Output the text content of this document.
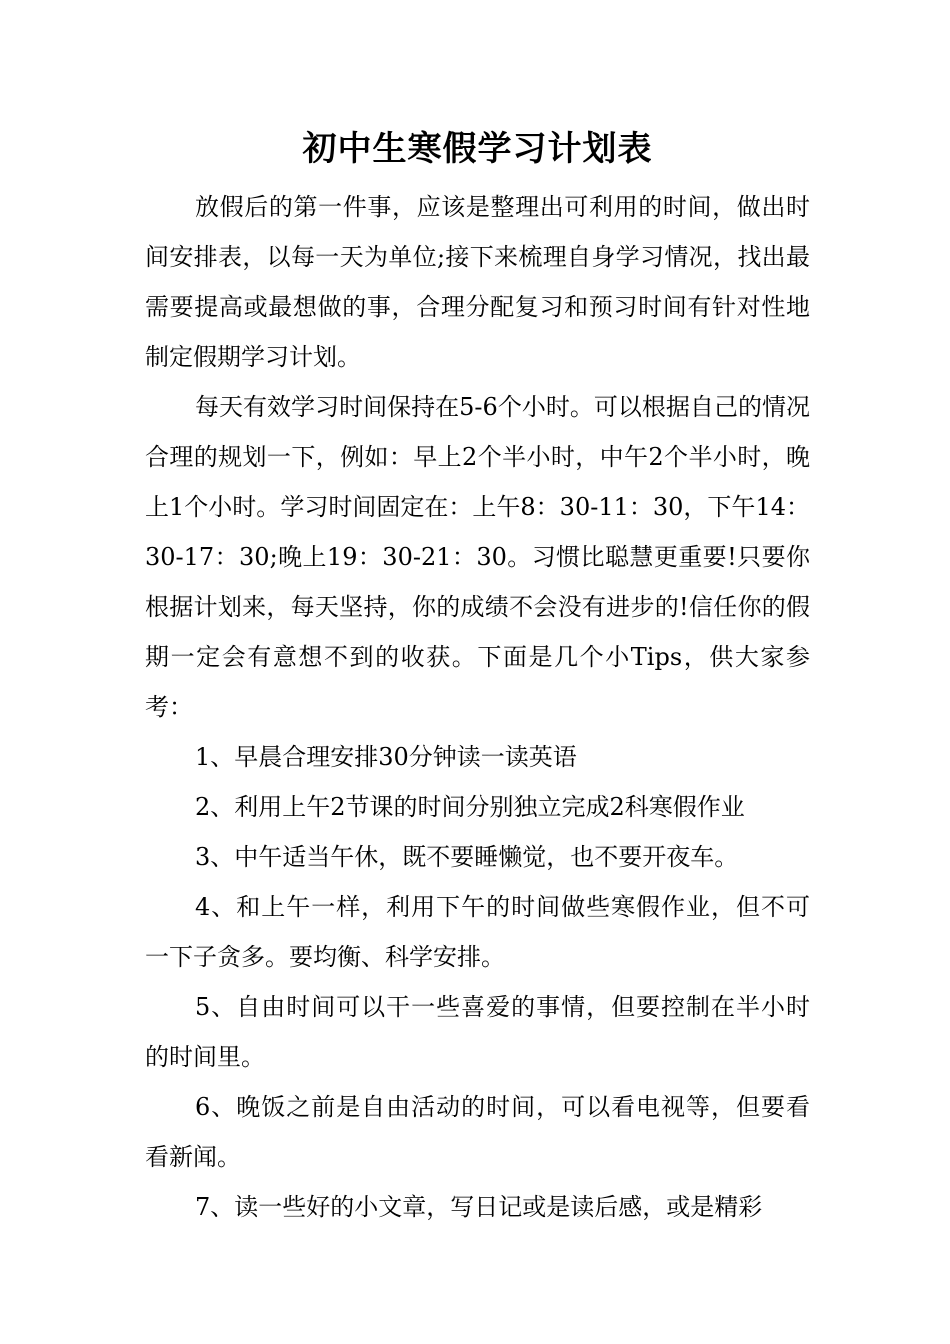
初中生寒假学习计划表

放假后的第一件事，应该是整理出可利用的时间，做出时间安排表，以每一天为单位;接下来梳理自身学习情况，找出最需要提高或最想做的事，合理分配复习和预习时间有针对性地制定假期学习计划。

每天有效学习时间保持在5-6个小时。可以根据自己的情况合理的规划一下，例如：早上2个半小时，中午2个半小时，晚上1个小时。学习时间固定在：上午8：30-11：30，下午14：30-17：30;晚上19：30-21：30。习惯比聪慧更重要!只要你根据计划来，每天坚持，你的成绩不会没有进步的!信任你的假期一定会有意想不到的收获。下面是几个小Tips，供大家参考：

1、早晨合理安排30分钟读一读英语

2、利用上午2节课的时间分别独立完成2科寒假作业

3、中午适当午休，既不要睡懒觉，也不要开夜车。

4、和上午一样，利用下午的时间做些寒假作业，但不可一下子贪多。要均衡、科学安排。

5、自由时间可以干一些喜爱的事情，但要控制在半小时的时间里。

6、晚饭之前是自由活动的时间，可以看电视等，但要看看新闻。

7、读一些好的小文章，写日记或是读后感，或是精彩
